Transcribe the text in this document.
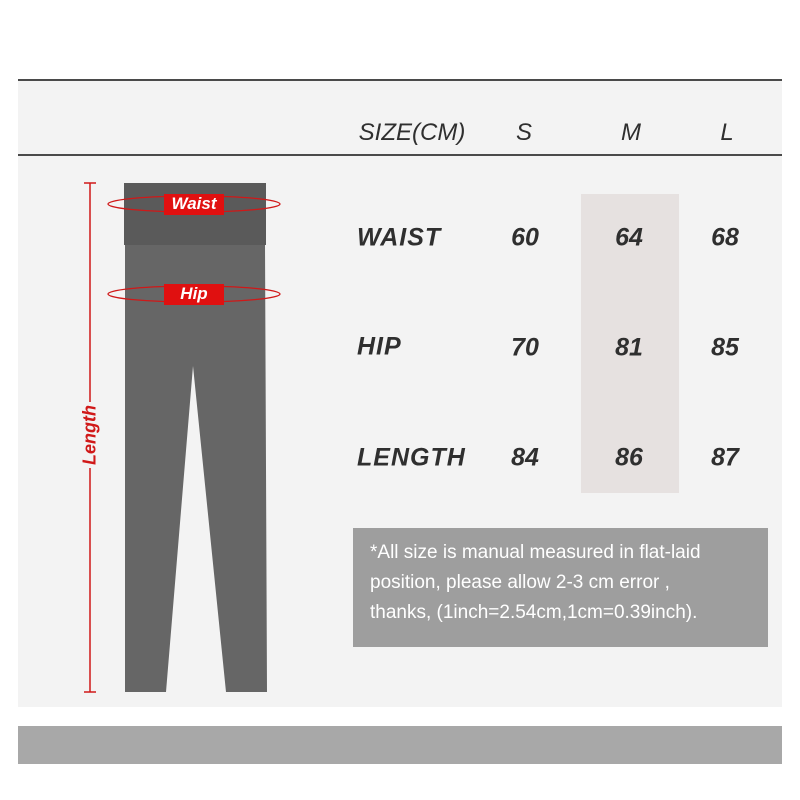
SIZE(CM) S	M	L
WAIST	60	64	68
HIP	70	81	85
LENGTH 84	86	87
*All size is manual measured in flat-laid
position, please allow 2-3 cm error ,
thanks, (1inch=2.54cm,1cm=0.39inch).
Waist
Hip
Length
